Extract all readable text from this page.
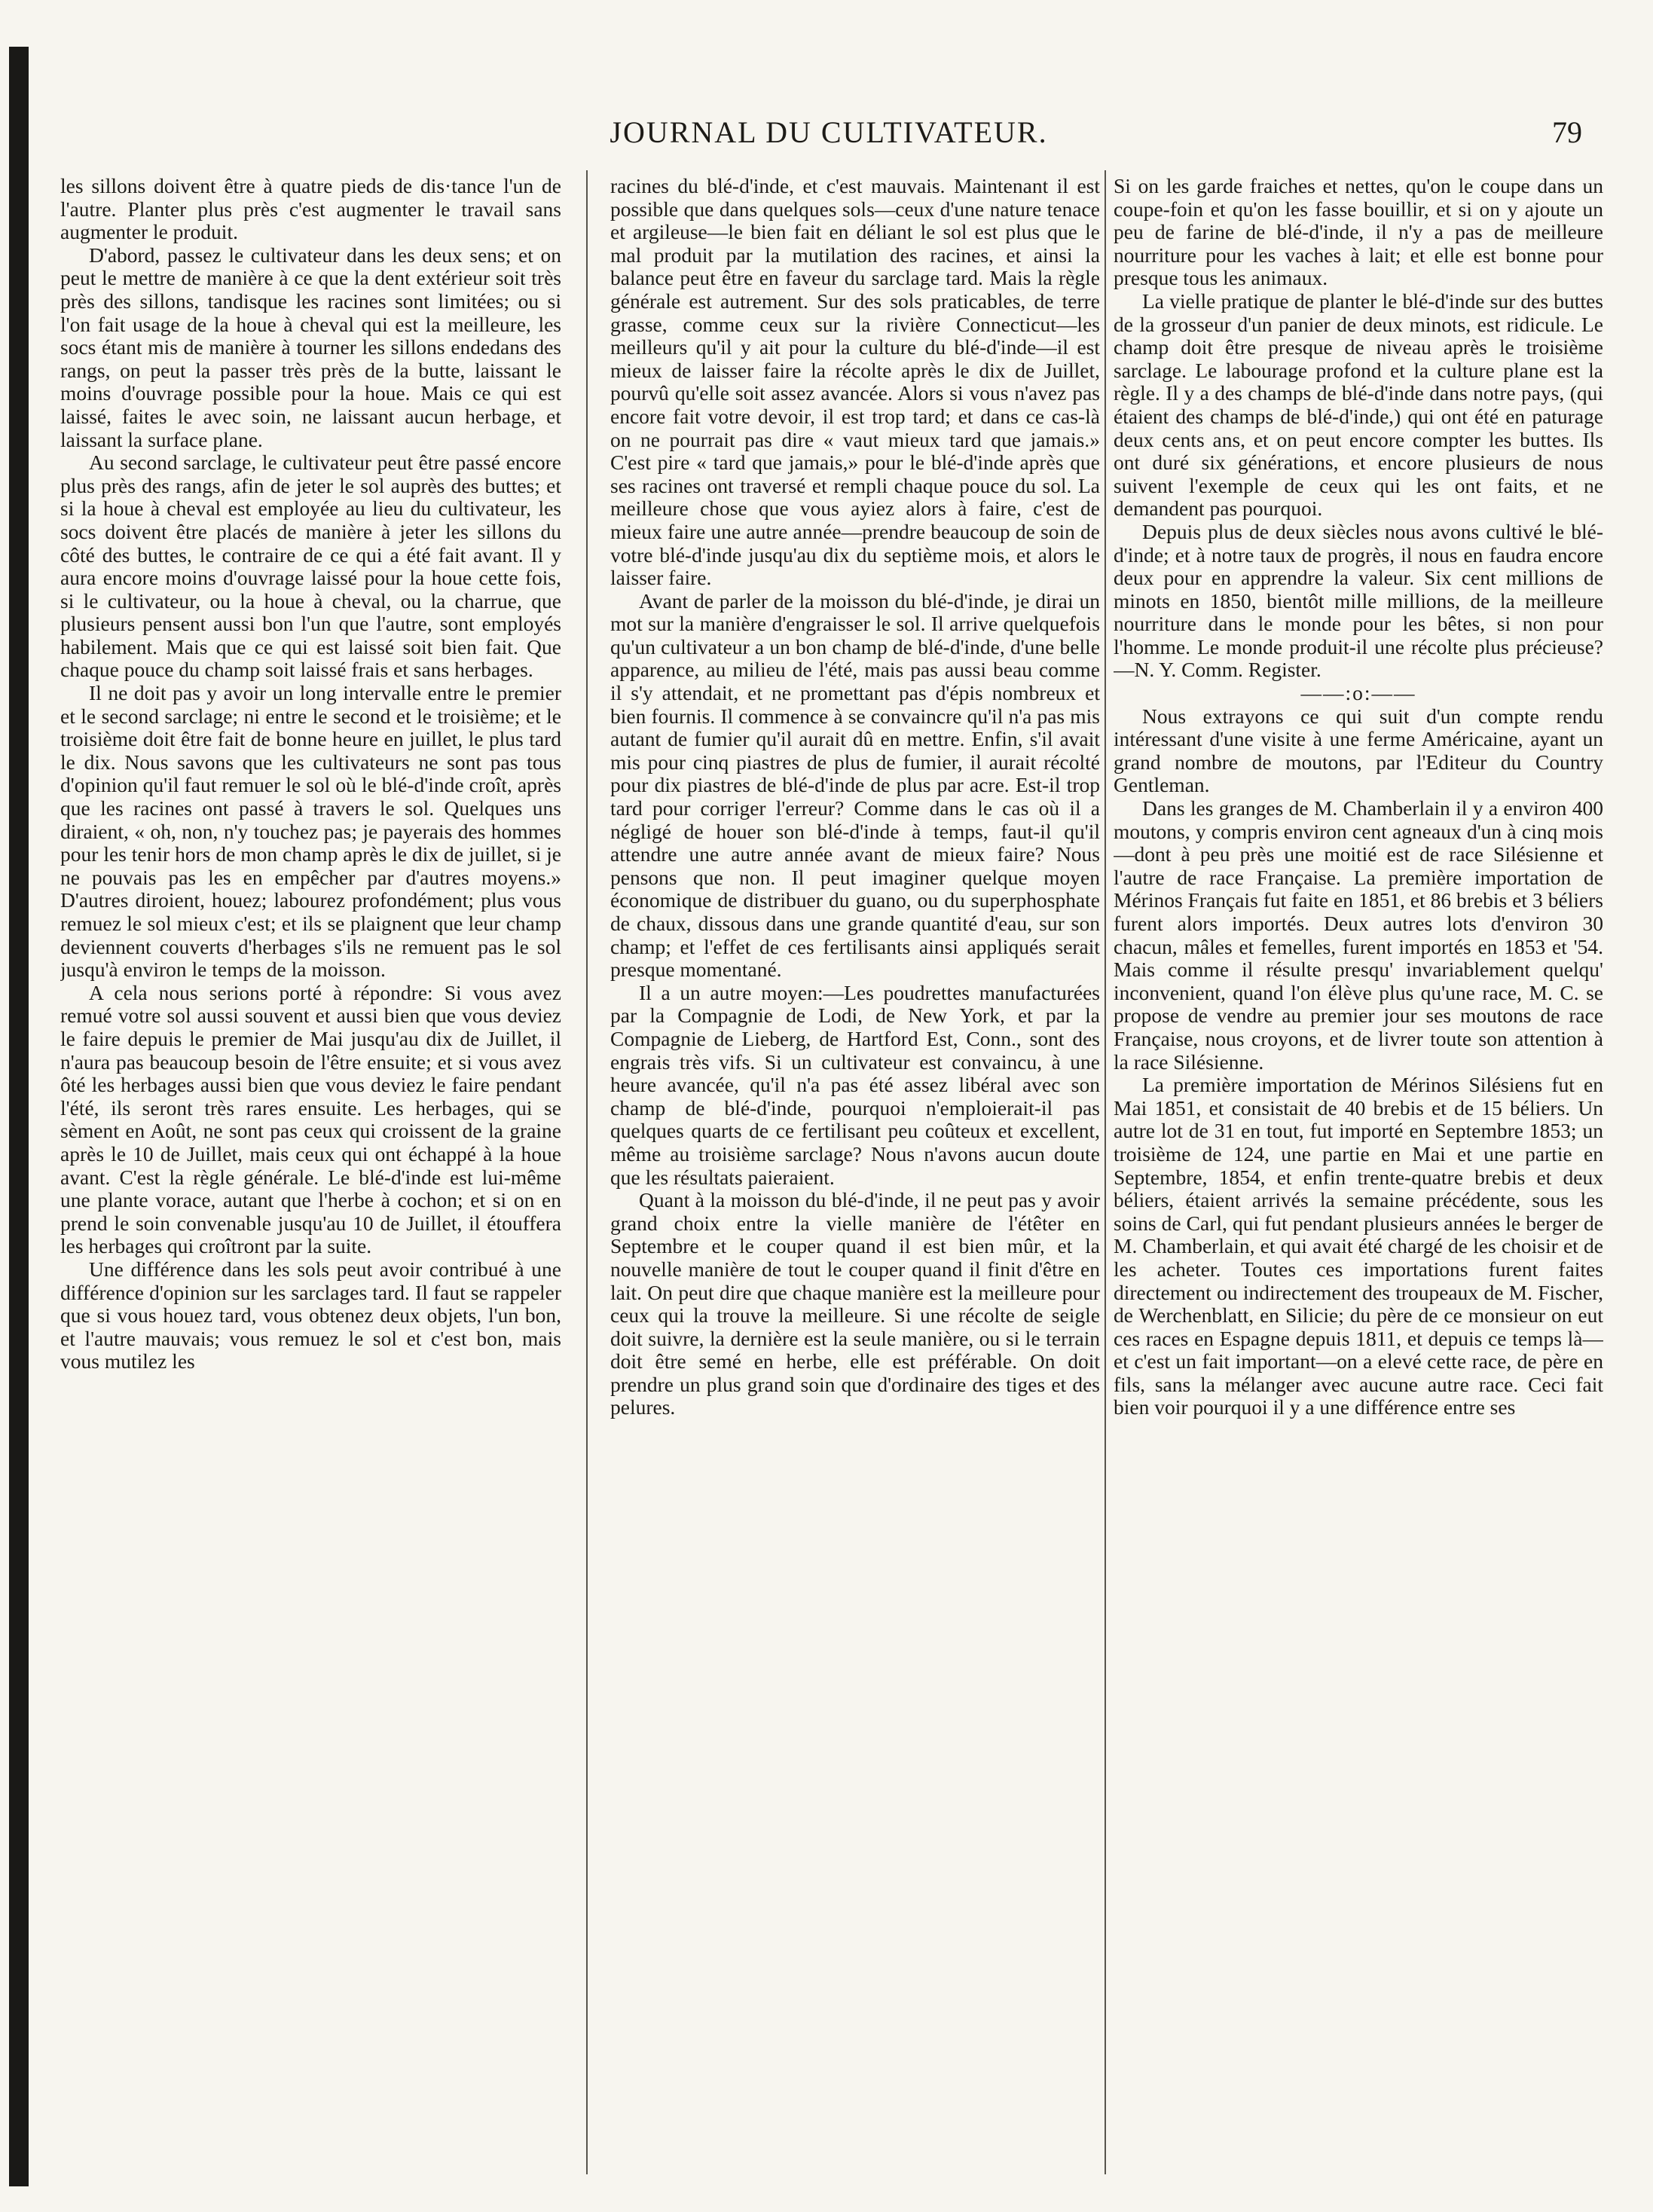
JOURNAL DU CULTIVATEUR.	79

les sillons doivent être à quatre pieds de dis·tance l'un de l'autre. Planter plus près c'est augmenter le travail sans augmenter le produit.

D'abord, passez le cultivateur dans les deux sens; et on peut le mettre de manière à ce que la dent extérieur soit très près des sillons, tandisque les racines sont limitées; ou si l'on fait usage de la houe à cheval qui est la meilleure, les socs étant mis de manière à tourner les sillons endedans des rangs, on peut la passer très près de la butte, laissant le moins d'ouvrage possible pour la houe. Mais ce qui est laissé, faites le avec soin, ne laissant aucun herbage, et laissant la surface plane.

Au second sarclage, le cultivateur peut être passé encore plus près des rangs, afin de jeter le sol auprès des buttes; et si la houe à cheval est employée au lieu du cultivateur, les socs doivent être placés de manière à jeter les sillons du côté des buttes, le contraire de ce qui a été fait avant. Il y aura encore moins d'ouvrage laissé pour la houe cette fois, si le cultivateur, ou la houe à cheval, ou la charrue, que plusieurs pensent aussi bon l'un que l'autre, sont employés habilement. Mais que ce qui est laissé soit bien fait. Que chaque pouce du champ soit laissé frais et sans herbages.

Il ne doit pas y avoir un long intervalle entre le premier et le second sarclage; ni entre le second et le troisième; et le troisième doit être fait de bonne heure en juillet, le plus tard le dix. Nous savons que les cultivateurs ne sont pas tous d'opinion qu'il faut remuer le sol où le blé-d'inde croît, après que les racines ont passé à travers le sol. Quelques uns diraient, « oh, non, n'y touchez pas; je payerais des hommes pour les tenir hors de mon champ après le dix de juillet, si je ne pouvais pas les en empêcher par d'autres moyens.» D'autres diroient, houez; labourez profondément; plus vous remuez le sol mieux c'est; et ils se plaignent que leur champ deviennent couverts d'herbages s'ils ne remuent pas le sol jusqu'à environ le temps de la moisson.

A cela nous serions porté à répondre: Si vous avez remué votre sol aussi souvent et aussi bien que vous deviez le faire depuis le premier de Mai jusqu'au dix de Juillet, il n'aura pas beaucoup besoin de l'être ensuite; et si vous avez ôté les herbages aussi bien que vous deviez le faire pendant l'été, ils seront très rares ensuite. Les herbages, qui se sèment en Août, ne sont pas ceux qui croissent de la graine après le 10 de Juillet, mais ceux qui ont échappé à la houe avant. C'est la règle générale. Le blé-d'inde est lui-même une plante vorace, autant que l'herbe à cochon; et si on en prend le soin convenable jusqu'au 10 de Juillet, il étouffera les herbages qui croîtront par la suite.

Une différence dans les sols peut avoir contribué à une différence d'opinion sur les sarclages tard. Il faut se rappeler que si vous houez tard, vous obtenez deux objets, l'un bon, et l'autre mauvais; vous remuez le sol et c'est bon, mais vous mutilez les

racines du blé-d'inde, et c'est mauvais. Maintenant il est possible que dans quelques sols—ceux d'une nature tenace et argileuse—le bien fait en déliant le sol est plus que le mal produit par la mutilation des racines, et ainsi la balance peut être en faveur du sarclage tard. Mais la règle générale est autrement. Sur des sols praticables, de terre grasse, comme ceux sur la rivière Connecticut—les meilleurs qu'il y ait pour la culture du blé-d'inde—il est mieux de laisser faire la récolte après le dix de Juillet, pourvû qu'elle soit assez avancée. Alors si vous n'avez pas encore fait votre devoir, il est trop tard; et dans ce cas-là on ne pourrait pas dire « vaut mieux tard que jamais.» C'est pire « tard que jamais,» pour le blé-d'inde après que ses racines ont traversé et rempli chaque pouce du sol. La meilleure chose que vous ayiez alors à faire, c'est de mieux faire une autre année—prendre beaucoup de soin de votre blé-d'inde jusqu'au dix du septième mois, et alors le laisser faire.

Avant de parler de la moisson du blé-d'inde, je dirai un mot sur la manière d'engraisser le sol. Il arrive quelquefois qu'un cultivateur a un bon champ de blé-d'inde, d'une belle apparence, au milieu de l'été, mais pas aussi beau comme il s'y attendait, et ne promettant pas d'épis nombreux et bien fournis. Il commence à se convaincre qu'il n'a pas mis autant de fumier qu'il aurait dû en mettre. Enfin, s'il avait mis pour cinq piastres de plus de fumier, il aurait récolté pour dix piastres de blé-d'inde de plus par acre. Est-il trop tard pour corriger l'erreur? Comme dans le cas où il a négligé de houer son blé-d'inde à temps, faut-il qu'il attendre une autre année avant de mieux faire? Nous pensons que non. Il peut imaginer quelque moyen économique de distribuer du guano, ou du superphosphate de chaux, dissous dans une grande quantité d'eau, sur son champ; et l'effet de ces fertilisants ainsi appliqués serait presque momentané.

Il a un autre moyen:—Les poudrettes manufacturées par la Compagnie de Lodi, de New York, et par la Compagnie de Lieberg, de Hartford Est, Conn., sont des engrais très vifs. Si un cultivateur est convaincu, à une heure avancée, qu'il n'a pas été assez libéral avec son champ de blé-d'inde, pourquoi n'emploierait-il pas quelques quarts de ce fertilisant peu coûteux et excellent, même au troisième sarclage? Nous n'avons aucun doute que les résultats paieraient.

Quant à la moisson du blé-d'inde, il ne peut pas y avoir grand choix entre la vielle manière de l'étêter en Septembre et le couper quand il est bien mûr, et la nouvelle manière de tout le couper quand il finit d'être en lait. On peut dire que chaque manière est la meilleure pour ceux qui la trouve la meilleure. Si une récolte de seigle doit suivre, la dernière est la seule manière, ou si le terrain doit être semé en herbe, elle est préférable. On doit prendre un plus grand soin que d'ordinaire des tiges et des pelures.

Si on les garde fraiches et nettes, qu'on le coupe dans un coupe-foin et qu'on les fasse bouillir, et si on y ajoute un peu de farine de blé-d'inde, il n'y a pas de meilleure nourriture pour les vaches à lait; et elle est bonne pour presque tous les animaux.

La vielle pratique de planter le blé-d'inde sur des buttes de la grosseur d'un panier de deux minots, est ridicule. Le champ doit être presque de niveau après le troisième sarclage. Le labourage profond et la culture plane est la règle. Il y a des champs de blé-d'inde dans notre pays, (qui étaient des champs de blé-d'inde,) qui ont été en paturage deux cents ans, et on peut encore compter les buttes. Ils ont duré six générations, et encore plusieurs de nous suivent l'exemple de ceux qui les ont faits, et ne demandent pas pourquoi.

Depuis plus de deux siècles nous avons cultivé le blé-d'inde; et à notre taux de progrès, il nous en faudra encore deux pour en apprendre la valeur. Six cent millions de minots en 1850, bientôt mille millions, de la meilleure nourriture dans le monde pour les bêtes, si non pour l'homme. Le monde produit-il une récolte plus précieuse?—N. Y. Comm. Register.

——:o:——

Nous extrayons ce qui suit d'un compte rendu intéressant d'une visite à une ferme Américaine, ayant un grand nombre de moutons, par l'Editeur du Country Gentleman.

Dans les granges de M. Chamberlain il y a environ 400 moutons, y compris environ cent agneaux d'un à cinq mois—dont à peu près une moitié est de race Silésienne et l'autre de race Française. La première importation de Mérinos Français fut faite en 1851, et 86 brebis et 3 béliers furent alors importés. Deux autres lots d'environ 30 chacun, mâles et femelles, furent importés en 1853 et '54. Mais comme il résulte presqu' invariablement quelqu' inconvenient, quand l'on élève plus qu'une race, M. C. se propose de vendre au premier jour ses moutons de race Française, nous croyons, et de livrer toute son attention à la race Silésienne.

La première importation de Mérinos Silésiens fut en Mai 1851, et consistait de 40 brebis et de 15 béliers. Un autre lot de 31 en tout, fut importé en Septembre 1853; un troisième de 124, une partie en Mai et une partie en Septembre, 1854, et enfin trente-quatre brebis et deux béliers, étaient arrivés la semaine précédente, sous les soins de Carl, qui fut pendant plusieurs années le berger de M. Chamberlain, et qui avait été chargé de les choisir et de les acheter. Toutes ces importations furent faites directement ou indirectement des troupeaux de M. Fischer, de Werchenblatt, en Silicie; du père de ce monsieur on eut ces races en Espagne depuis 1811, et depuis ce temps là—et c'est un fait important—on a elevé cette race, de père en fils, sans la mélanger avec aucune autre race. Ceci fait bien voir pourquoi il y a une différence entre ses
